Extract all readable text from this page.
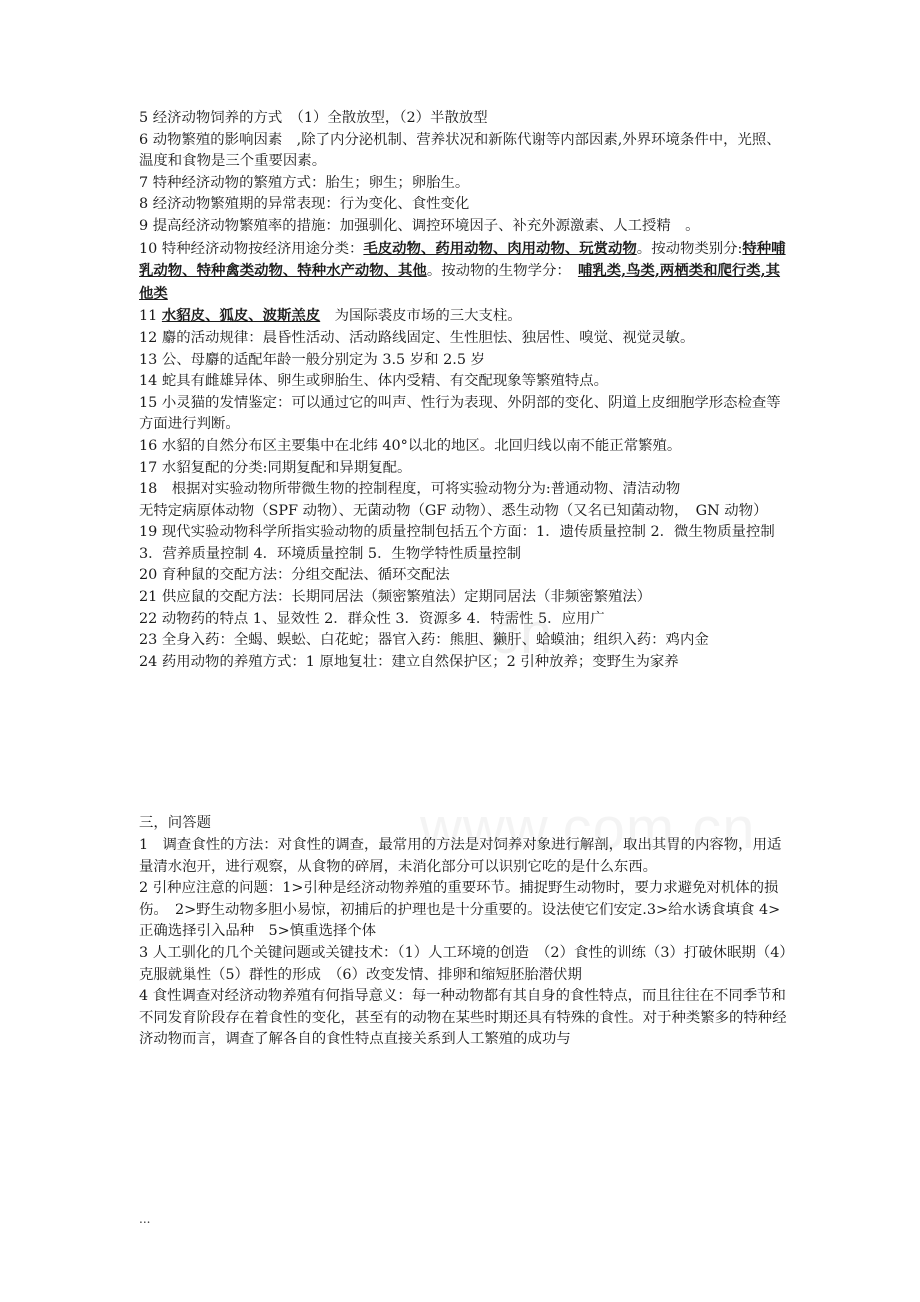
cn

5 经济动物饲养的方式　（1）全散放型，（2）半散放型

6 动物繁殖的影响因素　,除了内分泌机制、营养状况和新陈代谢等内部因素,外界环境条件中，光照、温度和食物是三个重要因素。

7 特种经济动物的繁殖方式：胎生；卵生；卵胎生。

8 经济动物繁殖期的异常表现：行为变化、食性变化

9 提高经济动物繁殖率的措施：加强驯化、调控环境因子、补充外源激素、人工授精　。

10 特种经济动物按经济用途分类：毛皮动物、药用动物、肉用动物、玩赏动物。按动物类别分:特种哺乳动物、特种禽类动物、特种水产动物、其他。按动物的生物学分：　哺乳类,鸟类,两栖类和爬行类,其他类

11 水貂皮、狐皮、波斯羔皮　为国际裘皮市场的三大支柱。

12 麝的活动规律：晨昏性活动、活动路线固定、生性胆怯、独居性、嗅觉、视觉灵敏。

13 公、母麝的适配年龄一般分别定为 3.5 岁和 2.5 岁

14 蛇具有雌雄异体、卵生或卵胎生、体内受精、有交配现象等繁殖特点。

15 小灵猫的发情鉴定：可以通过它的叫声、性行为表现、外阴部的变化、阴道上皮细胞学形态检查等方面进行判断。

16 水貂的自然分布区主要集中在北纬 40°以北的地区。北回归线以南不能正常繁殖。

17 水貂复配的分类:同期复配和异期复配。

18　根据对实验动物所带微生物的控制程度，可将实验动物分为:普通动物、清洁动物

无特定病原体动物（SPF 动物）、无菌动物（GF 动物）、悉生动物（又名已知菌动物，　GN 动物）

19 现代实验动物科学所指实验动物的质量控制包括五个方面：1．遗传质量控制 2．微生物质量控制 3．营养质量控制 4．环境质量控制 5．生物学特性质量控制

20 育种鼠的交配方法：分组交配法、循环交配法

21 供应鼠的交配方法：长期同居法（频密繁殖法）定期同居法（非频密繁殖法）

22 动物药的特点 1、显效性 2．群众性 3．资源多 4．特需性 5．应用广

23 全身入药：全蝎、蜈蚣、白花蛇；器官入药：熊胆、獭肝、蛤蟆油；组织入药：鸡内金

24 药用动物的养殖方式：1 原地复壮：建立自然保护区；2 引种放养；变野生为家养

三，问答题

1　调查食性的方法：对食性的调查，最常用的方法是对饲养对象进行解剖，取出其胃的内容物，用适量清水泡开，进行观察，从食物的碎屑，未消化部分可以识别它吃的是什么东西。

2 引种应注意的问题：1>引种是经济动物养殖的重要环节。捕捉野生动物时，要力求避免对机体的损伤。　2>野生动物多胆小易惊，初捕后的护理也是十分重要的。设法使它们安定.3>给水诱食填食 4>正确选择引入品种　5>慎重选择个体

3 人工驯化的几个关键问题或关键技术：（1）人工环境的创造　（2）食性的训练（3）打破休眠期（4）克服就巢性（5）群性的形成　（6）改变发情、排卵和缩短胚胎潜伏期

4 食性调查对经济动物养殖有何指导意义：每一种动物都有其自身的食性特点，而且往往在不同季节和不同发育阶段存在着食性的变化，甚至有的动物在某些时期还具有特殊的食性。对于种类繁多的特种经济动物而言，调查了解各自的食性特点直接关系到人工繁殖的成功与

...
